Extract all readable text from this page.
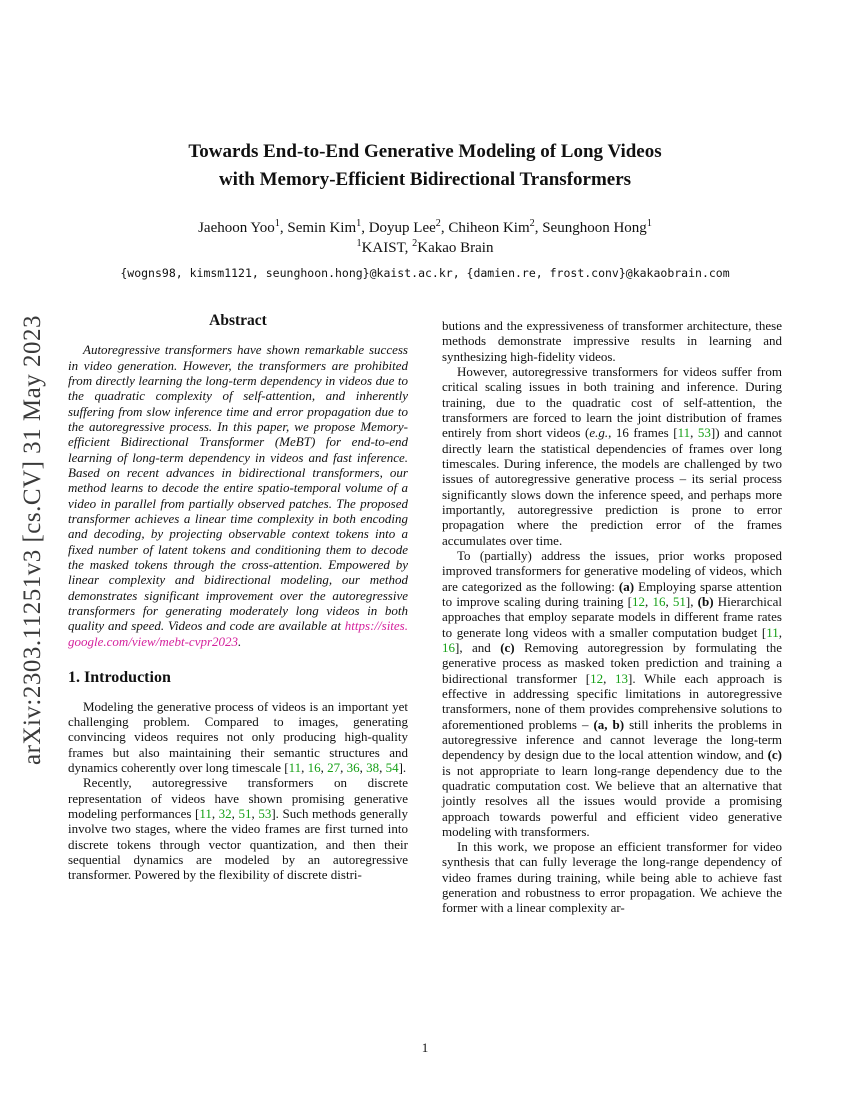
arXiv:2303.11251v3 [cs.CV] 31 May 2023
Towards End-to-End Generative Modeling of Long Videos
with Memory-Efficient Bidirectional Transformers
Jaehoon Yoo$^1$, Semin Kim$^1$, Doyup Lee$^2$, Chiheon Kim$^2$, Seunghoon Hong$^1$
$^1$KAIST, $^2$Kakao Brain
{wogns98, kimsm1121, seunghoon.hong}@kaist.ac.kr, {damien.re, frost.conv}@kakaobrain.com
Abstract

Autoregressive transformers have shown remarkable success in video generation. However, the transformers are prohibited from directly learning the long-term dependency in videos due to the quadratic complexity of self-attention, and inherently suffering from slow inference time and error propagation due to the autoregressive process. In this paper, we propose Memory-efficient Bidirectional Transformer (MeBT) for end-to-end learning of long-term dependency in videos and fast inference. Based on recent advances in bidirectional transformers, our method learns to decode the entire spatio-temporal volume of a video in parallel from partially observed patches. The proposed transformer achieves a linear time complexity in both encoding and decoding, by projecting observable context tokens into a fixed number of latent tokens and conditioning them to decode the masked tokens through the cross-attention. Empowered by linear complexity and bidirectional modeling, our method demonstrates significant improvement over the autoregressive transformers for generating moderately long videos in both quality and speed. Videos and code are available at https://sites.google.com/view/mebt-cvpr2023.

1. Introduction

Modeling the generative process of videos is an important yet challenging problem. Compared to images, generating convincing videos requires not only producing high-quality frames but also maintaining their semantic structures and dynamics coherently over long timescale [11, 16, 27, 36, 38, 54].

Recently, autoregressive transformers on discrete representation of videos have shown promising generative modeling performances [11, 32, 51, 53]. Such methods generally involve two stages, where the video frames are first turned into discrete tokens through vector quantization, and then their sequential dynamics are modeled by an autoregressive transformer. Powered by the flexibility of discrete distri-

butions and the expressiveness of transformer architecture, these methods demonstrate impressive results in learning and synthesizing high-fidelity videos.

However, autoregressive transformers for videos suffer from critical scaling issues in both training and inference. During training, due to the quadratic cost of self-attention, the transformers are forced to learn the joint distribution of frames entirely from short videos (e.g., 16 frames [11, 53]) and cannot directly learn the statistical dependencies of frames over long timescales. During inference, the models are challenged by two issues of autoregressive generative process – its serial process significantly slows down the inference speed, and perhaps more importantly, autoregressive prediction is prone to error propagation where the prediction error of the frames accumulates over time.

To (partially) address the issues, prior works proposed improved transformers for generative modeling of videos, which are categorized as the following: (a) Employing sparse attention to improve scaling during training [12, 16, 51], (b) Hierarchical approaches that employ separate models in different frame rates to generate long videos with a smaller computation budget [11, 16], and (c) Removing autoregression by formulating the generative process as masked token prediction and training a bidirectional transformer [12, 13]. While each approach is effective in addressing specific limitations in autoregressive transformers, none of them provides comprehensive solutions to aforementioned problems – (a, b) still inherits the problems in autoregressive inference and cannot leverage the long-term dependency by design due to the local attention window, and (c) is not appropriate to learn long-range dependency due to the quadratic computation cost. We believe that an alternative that jointly resolves all the issues would provide a promising approach towards powerful and efficient video generative modeling with transformers.

In this work, we propose an efficient transformer for video synthesis that can fully leverage the long-range dependency of video frames during training, while being able to achieve fast generation and robustness to error propagation. We achieve the former with a linear complexity ar-

1
